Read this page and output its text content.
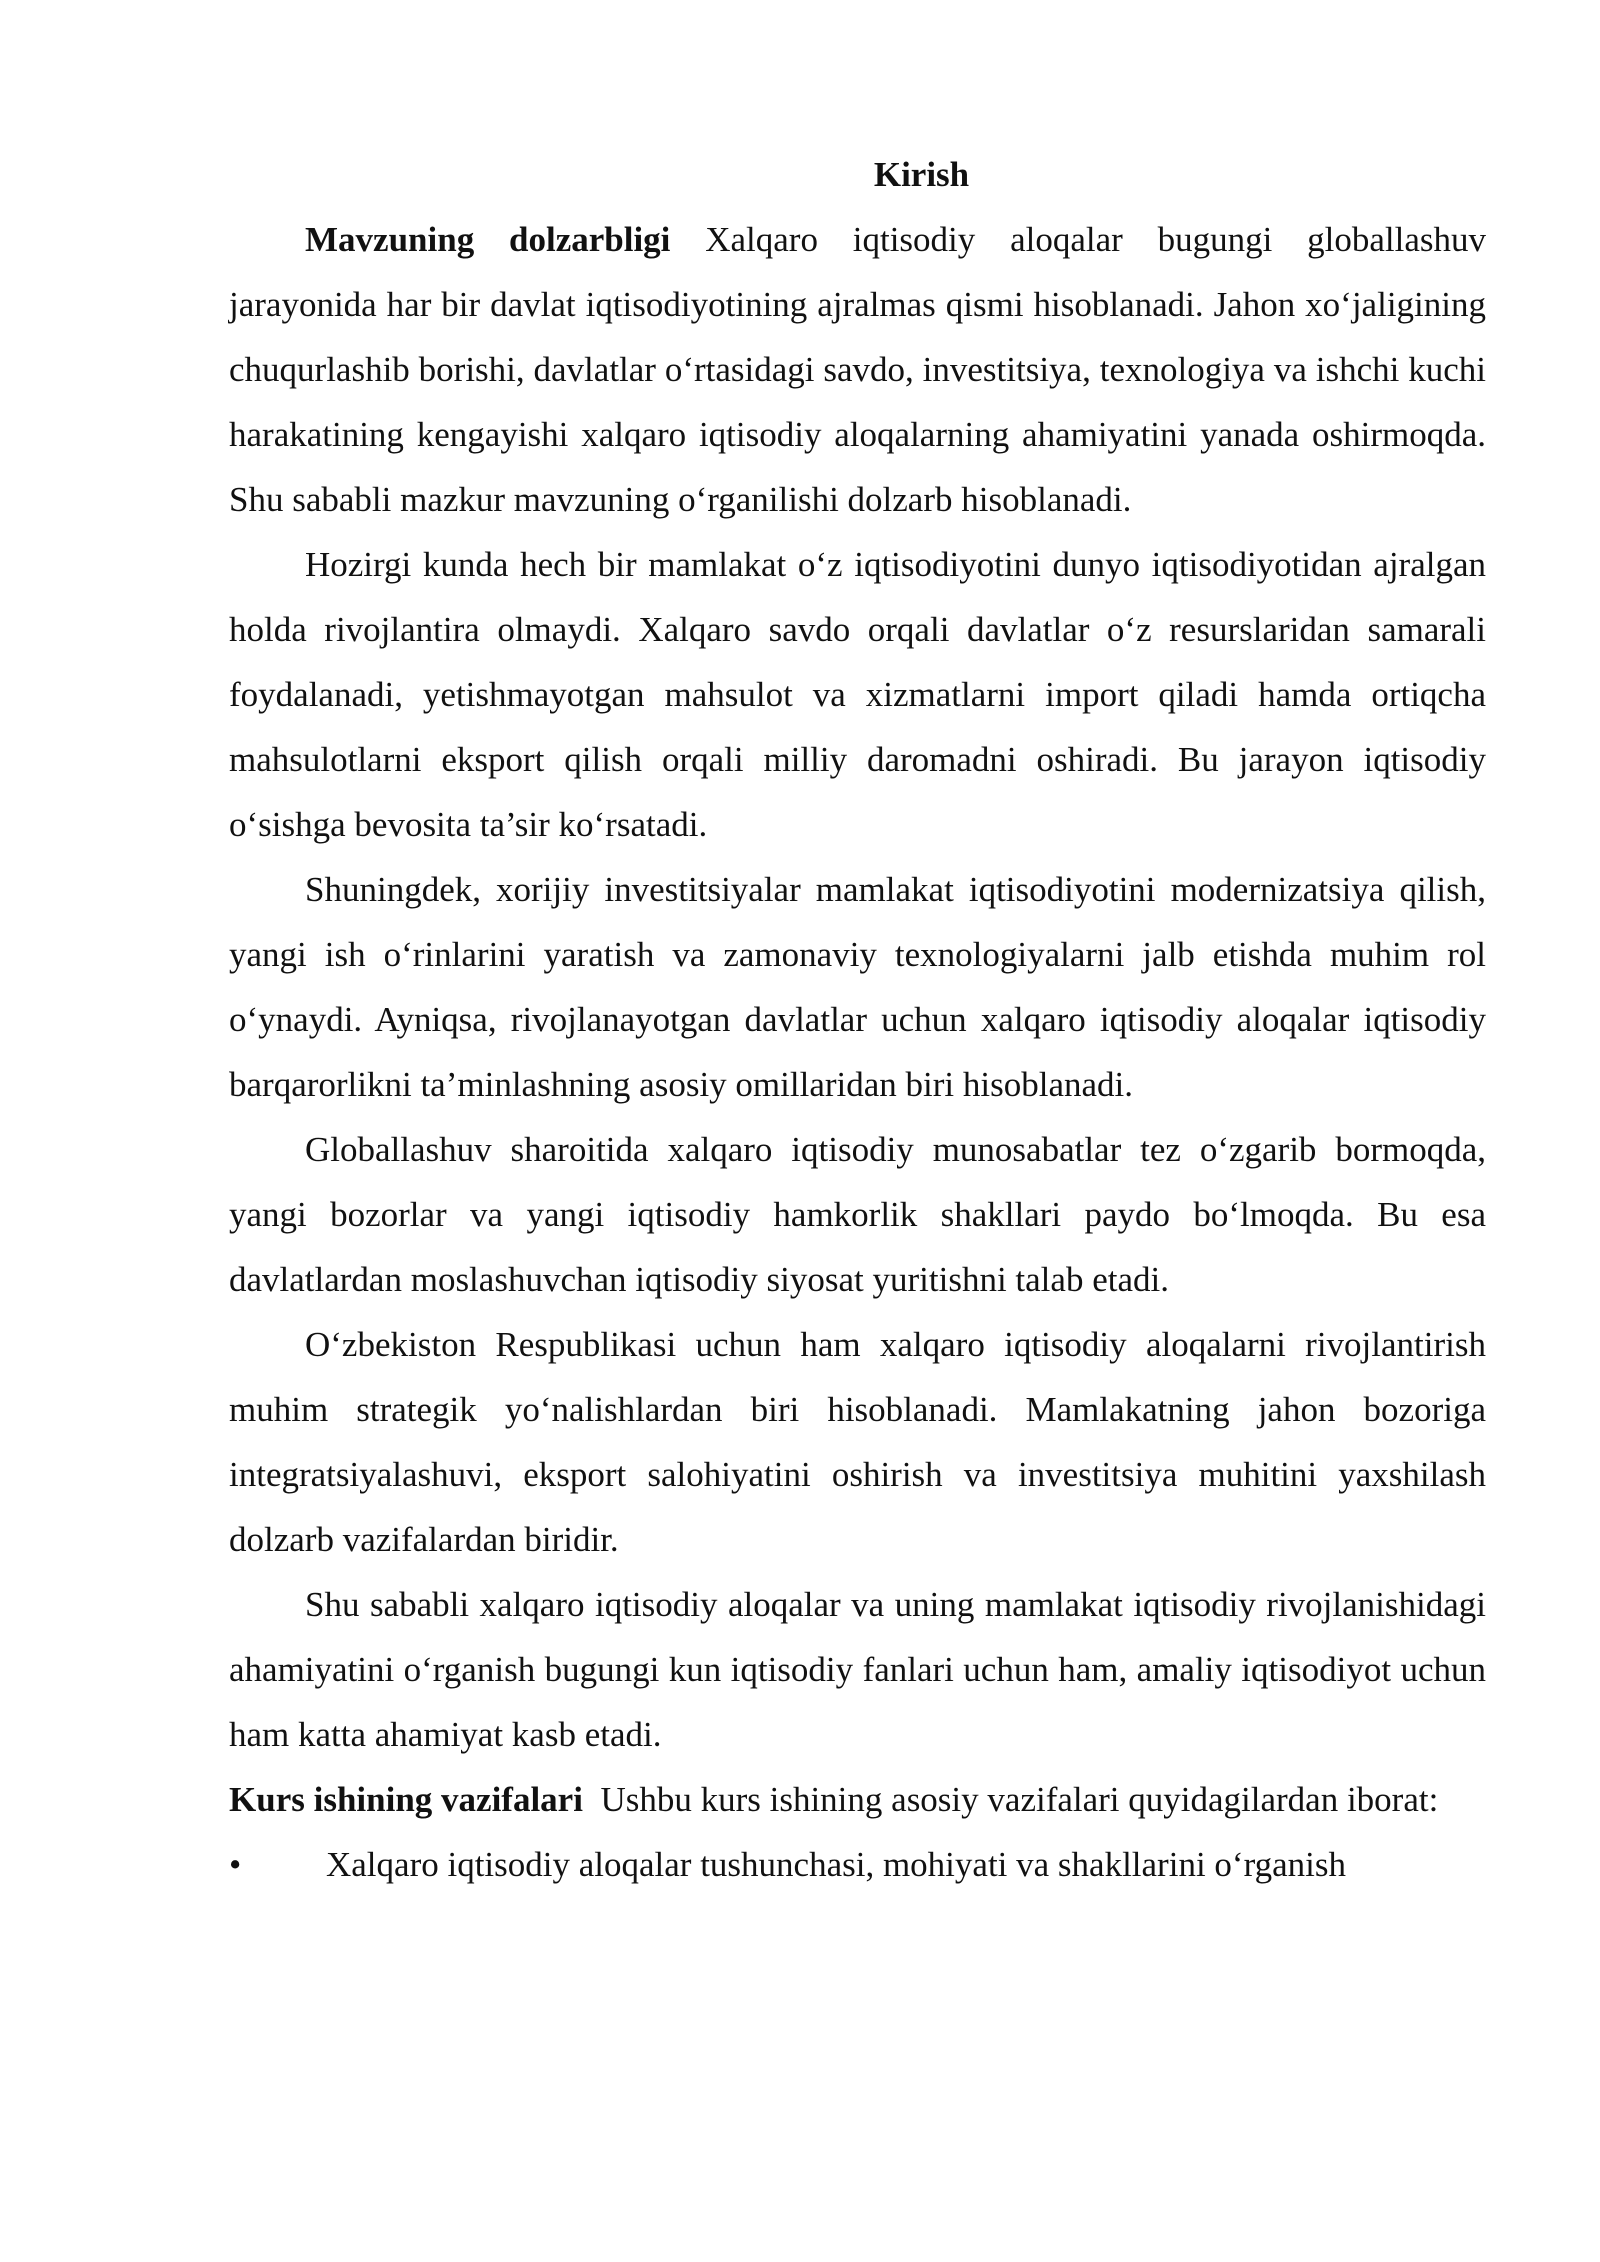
Kirish

Mavzuning dolzarbligi Xalqaro iqtisodiy aloqalar bugungi globallashuv jarayonida har bir davlat iqtisodiyotining ajralmas qismi hisoblanadi. Jahon xo‘jaligining chuqurlashib borishi, davlatlar o‘rtasidagi savdo, investitsiya, texnologiya va ishchi kuchi harakatining kengayishi xalqaro iqtisodiy aloqalarning ahamiyatini yanada oshirmoqda. Shu sababli mazkur mavzuning o‘rganilishi dolzarb hisoblanadi.

Hozirgi kunda hech bir mamlakat o‘z iqtisodiyotini dunyo iqtisodiyotidan ajralgan holda rivojlantira olmaydi. Xalqaro savdo orqali davlatlar o‘z resurslaridan samarali foydalanadi, yetishmayotgan mahsulot va xizmatlarni import qiladi hamda ortiqcha mahsulotlarni eksport qilish orqali milliy daromadni oshiradi. Bu jarayon iqtisodiy o‘sishga bevosita ta’sir ko‘rsatadi.

Shuningdek, xorijiy investitsiyalar mamlakat iqtisodiyotini modernizatsiya qilish, yangi ish o‘rinlarini yaratish va zamonaviy texnologiyalarni jalb etishda muhim rol o‘ynaydi. Ayniqsa, rivojlanayotgan davlatlar uchun xalqaro iqtisodiy aloqalar iqtisodiy barqarorlikni ta’minlashning asosiy omillaridan biri hisoblanadi.

Globallashuv sharoitida xalqaro iqtisodiy munosabatlar tez o‘zgarib bormoqda, yangi bozorlar va yangi iqtisodiy hamkorlik shakllari paydo bo‘lmoqda. Bu esa davlatlardan moslashuvchan iqtisodiy siyosat yuritishni talab etadi.

O‘zbekiston Respublikasi uchun ham xalqaro iqtisodiy aloqalarni rivojlantirish muhim strategik yo‘nalishlardan biri hisoblanadi. Mamlakatning jahon bozoriga integratsiyalashuvi, eksport salohiyatini oshirish va investitsiya muhitini yaxshilash dolzarb vazifalardan biridir.

Shu sababli xalqaro iqtisodiy aloqalar va uning mamlakat iqtisodiy rivojlanishidagi ahamiyatini o‘rganish bugungi kun iqtisodiy fanlari uchun ham, amaliy iqtisodiyot uchun ham katta ahamiyat kasb etadi.

Kurs ishining vazifalari  Ushbu kurs ishining asosiy vazifalari quyidagilardan iborat:

• Xalqaro iqtisodiy aloqalar tushunchasi, mohiyati va shakllarini o‘rganish
